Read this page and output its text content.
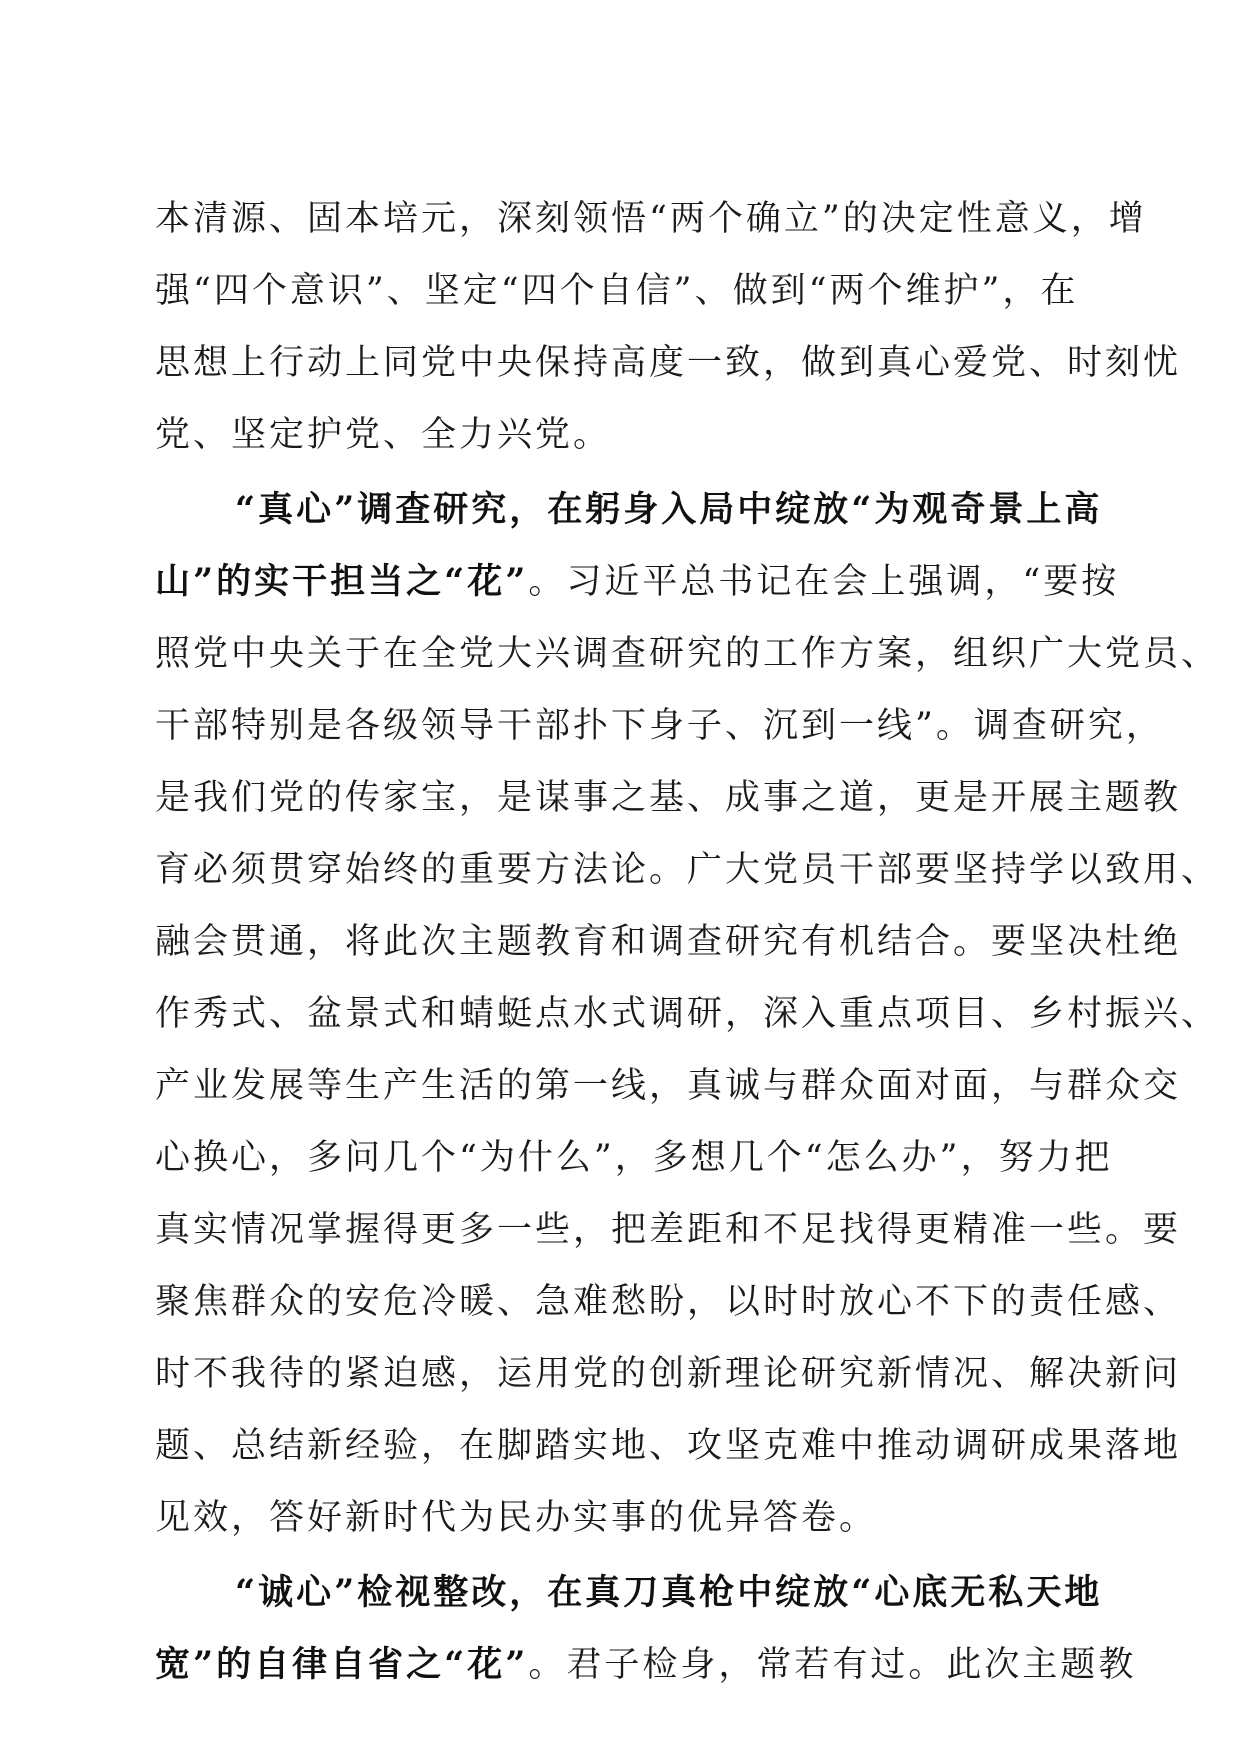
本清源、固本培元，深刻领悟“两个确立”的决定性意义，增
强“四个意识”、坚定“四个自信”、做到“两个维护”，在
思想上行动上同党中央保持高度一致，做到真心爱党、时刻忧
党、坚定护党、全力兴党。
“真心”调查研究，在躬身入局中绽放“为观奇景上高
山”的实干担当之“花”。习近平总书记在会上强调，“要按
照党中央关于在全党大兴调查研究的工作方案，组织广大党员、
干部特别是各级领导干部扑下身子、沉到一线”。调查研究，
是我们党的传家宝，是谋事之基、成事之道，更是开展主题教
育必须贯穿始终的重要方法论。广大党员干部要坚持学以致用、
融会贯通，将此次主题教育和调查研究有机结合。要坚决杜绝
作秀式、盆景式和蜻蜓点水式调研，深入重点项目、乡村振兴、
产业发展等生产生活的第一线，真诚与群众面对面，与群众交
心换心，多问几个“为什么”，多想几个“怎么办”，努力把
真实情况掌握得更多一些，把差距和不足找得更精准一些。要
聚焦群众的安危冷暖、急难愁盼，以时时放心不下的责任感、
时不我待的紧迫感，运用党的创新理论研究新情况、解决新问
题、总结新经验，在脚踏实地、攻坚克难中推动调研成果落地
见效，答好新时代为民办实事的优异答卷。
“诚心”检视整改，在真刀真枪中绽放“心底无私天地
宽”的自律自省之“花”。君子检身，常若有过。此次主题教
